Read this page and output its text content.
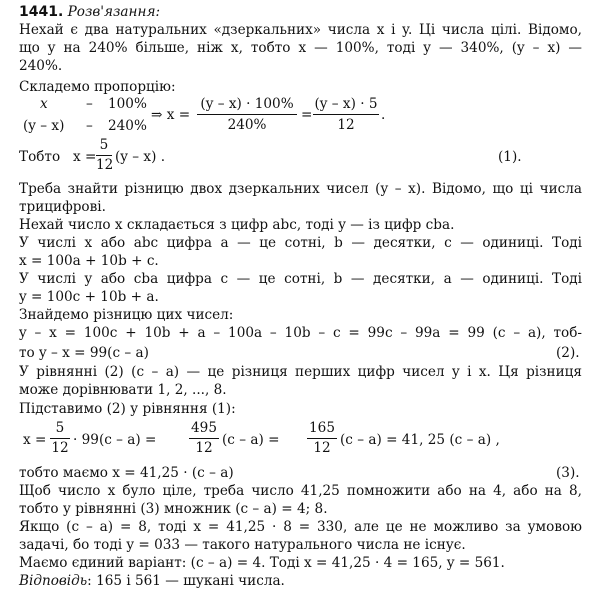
1441. Розв'язання:
Нехай є два натуральних «дзеркальних» числа x і y. Ці числа цілі. Відомо,
що y на 240% більше, ніж x, тобто x — 100%, тоді y — 340%, (y – x) —
240%.
Складемо пропорцію:
x	– 100%
(y – x) – 240%
⇒ x =
(y – x) · 100%
240%
=
(y – x) · 5
12
.
Тобто x =
5
12 (y – x) .	(1).
Треба знайти різницю двох дзеркальних чисел (y – x). Відомо, що ці числа
трицифрові.
Нехай число x складається з цифр abc, тоді y — із цифр cba.
У числі x або abc цифра a — це сотні, b — десятки, c — одиниці. Тоді
x = 100a + 10b + c.
У числі y або cba цифра c — це сотні, b — десятки, a — одиниці. Тоді
y = 100c + 10b + a.
Знайдемо різницю цих чисел:
y – x = 100c + 10b + a – 100a – 10b – c = 99c – 99a = 99 (c – a), тоб-
то y – x = 99(c – a)	(2).
У рівнянні (2) (c – a) — це різниця перших цифр чисел y і x. Ця різниця
може дорівнювати 1, 2, ..., 8.
Підставимо (2) у рівняння (1):
x =
5
12 · 99(c – a) =
495
12 (c – a) =
165
12 (c – a) = 41, 25 (c – a) ,
тобто маємо x = 41,25 · (c – a)	(3).
Щоб число x було ціле, треба число 41,25 помножити або на 4, або на 8,
тобто у рівнянні (3) множник (c – a) = 4; 8.
Якщо (c – a) = 8, тоді x = 41,25 · 8 = 330, але це не можливо за умовою
задачі, бо тоді y = 033 — такого натурального числа не існує.
Маємо єдиний варіант: (c – a) = 4. Тоді x = 41,25 · 4 = 165, y = 561.
Відповідь: 165 і 561 — шукані числа.
